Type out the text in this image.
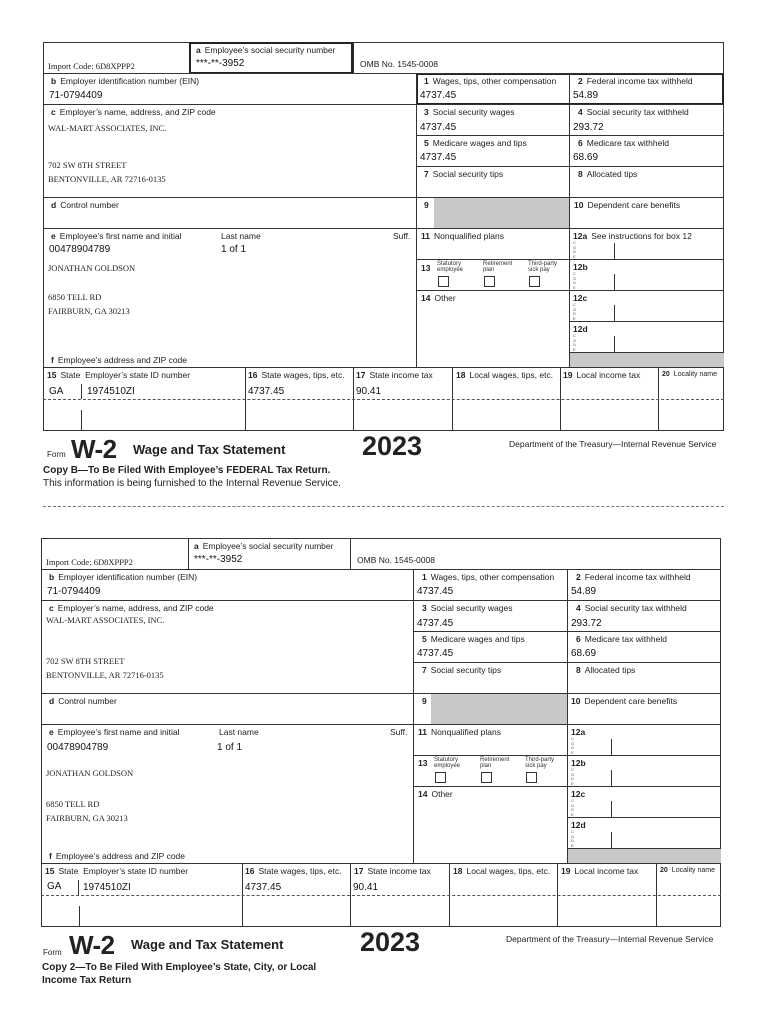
Import Code: 6D8XPPP2
a Employee’s social security number
***-**-3952	OMB No. 1545-0008
b Employer identification number (EIN)
71-0794409
c Employer’s name, address, and ZIP code
WAL-MART ASSOCIATES, INC.
702 SW 8TH STREET
BENTONVILLE, AR 72716-0135
d Control number
e Employee’s first name and initial	Last name	Suff.
00478904789	1 of 1
JONATHAN GOLDSON
6850 TELL RD
FAIRBURN, GA 30213
f Employee’s address and ZIP code
1 Wages, tips, other compensation
4737.45
2 Federal income tax withheld
54.89
3 Social security wages
4737.45
4 Social security tax withheld
293.72
5 Medicare wages and tips
4737.45
6 Medicare tax withheld
68.69
7 Social security tips	8 Allocated tips
9	10 Dependent care benefits
11 Nonqualified plans	12a See instructions for box 12
12b
12c
12d
C
O
D
E
C
O
D
E
C
O
D
E
C
O
D
E
13	Statutory employee
Retirement plan
Third-party sick pay
14 Other
15 State Employer’s state ID number
GA 1974510ZI
16 State wages, tips, etc.
4737.45
17 State income tax
90.41
18 Local wages, tips, etc. 19 Local income tax	20 Locality name
Form W-2 Wage and Tax Statement	2023	Department of the Treasury—Internal Revenue Service
Copy B—To Be Filed With Employee’s FEDERAL Tax Return.
This information is being furnished to the Internal Revenue Service.
Import Code: 6D8XPPP2
a Employee’s social security number
***-**-3952	OMB No. 1545-0008
b Employer identification number (EIN)
71-0794409
c Employer’s name, address, and ZIP code
WAL-MART ASSOCIATES, INC.
702 SW 8TH STREET
BENTONVILLE, AR 72716-0135
d Control number
e Employee’s first name and initial	Last name	Suff.
00478904789	1 of 1
JONATHAN GOLDSON
6850 TELL RD
FAIRBURN, GA 30213
f Employee’s address and ZIP code
1 Wages, tips, other compensation
4737.45
2 Federal income tax withheld
54.89
3 Social security wages
4737.45
4 Social security tax withheld
293.72
5 Medicare wages and tips
4737.45
6 Medicare tax withheld
68.69
7 Social security tips	8 Allocated tips
9	10 Dependent care benefits
11 Nonqualified plans	12a
12b
12c
12d
C
O
D
E
C
O
D
E
C
O
D
E
C
O
D
E
13	Statutory employee
Retirement plan
Third-party sick pay
14 Other
15 State Employer’s state ID number
GA 1974510ZI
16 State wages, tips, etc.
4737.45
17 State income tax
90.41
18 Local wages, tips, etc. 19 Local income tax	20 Locality name
Form W-2 Wage and Tax Statement	2023	Department of the Treasury—Internal Revenue Service
Copy 2—To Be Filed With Employee’s State, City, or Local
Income Tax Return
